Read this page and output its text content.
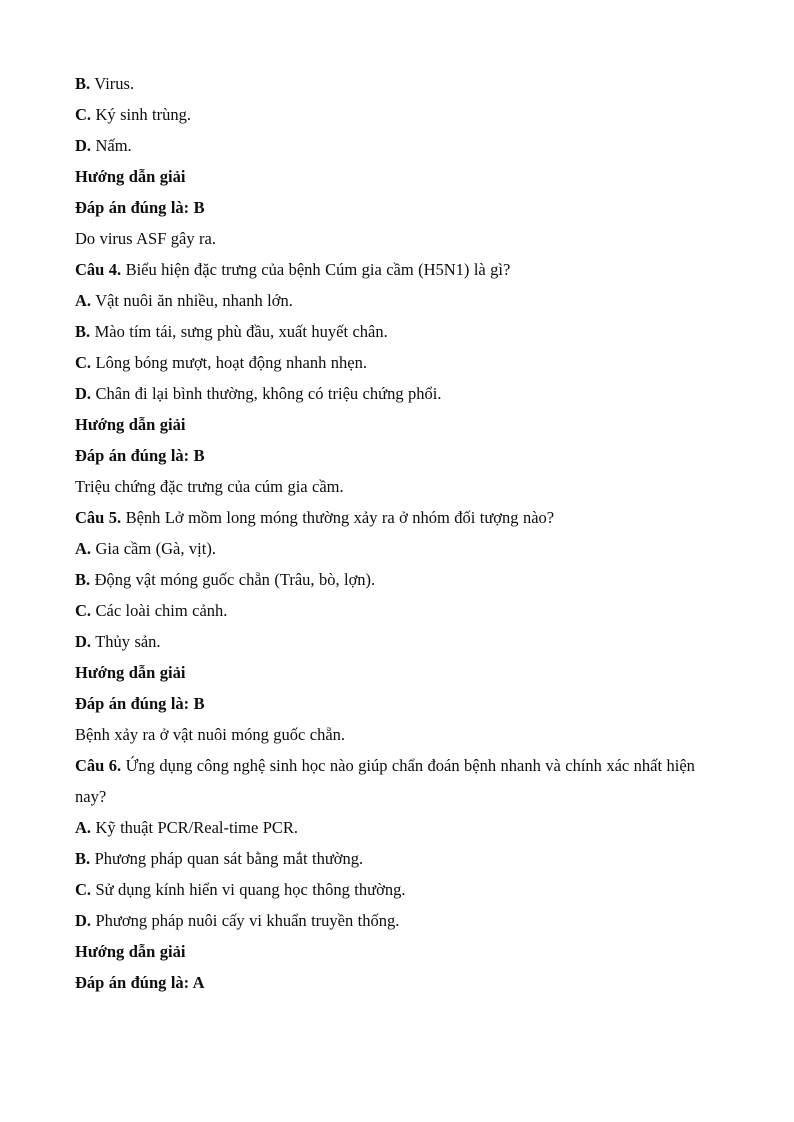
B. Virus.
C. Ký sinh trùng.
D. Nấm.
Hướng dẫn giải
Đáp án đúng là: B
Do virus ASF gây ra.
Câu 4. Biểu hiện đặc trưng của bệnh Cúm gia cầm (H5N1) là gì?
A. Vật nuôi ăn nhiều, nhanh lớn.
B. Mào tím tái, sưng phù đầu, xuất huyết chân.
C. Lông bóng mượt, hoạt động nhanh nhẹn.
D. Chân đi lại bình thường, không có triệu chứng phổi.
Hướng dẫn giải
Đáp án đúng là: B
Triệu chứng đặc trưng của cúm gia cầm.
Câu 5. Bệnh Lở mồm long móng thường xảy ra ở nhóm đối tượng nào?
A. Gia cầm (Gà, vịt).
B. Động vật móng guốc chẵn (Trâu, bò, lợn).
C. Các loài chim cảnh.
D. Thủy sản.
Hướng dẫn giải
Đáp án đúng là: B
Bệnh xảy ra ở vật nuôi móng guốc chẵn.
Câu 6. Ứng dụng công nghệ sinh học nào giúp chẩn đoán bệnh nhanh và chính xác nhất hiện nay?
A. Kỹ thuật PCR/Real-time PCR.
B. Phương pháp quan sát bằng mắt thường.
C. Sử dụng kính hiển vi quang học thông thường.
D. Phương pháp nuôi cấy vi khuẩn truyền thống.
Hướng dẫn giải
Đáp án đúng là: A
